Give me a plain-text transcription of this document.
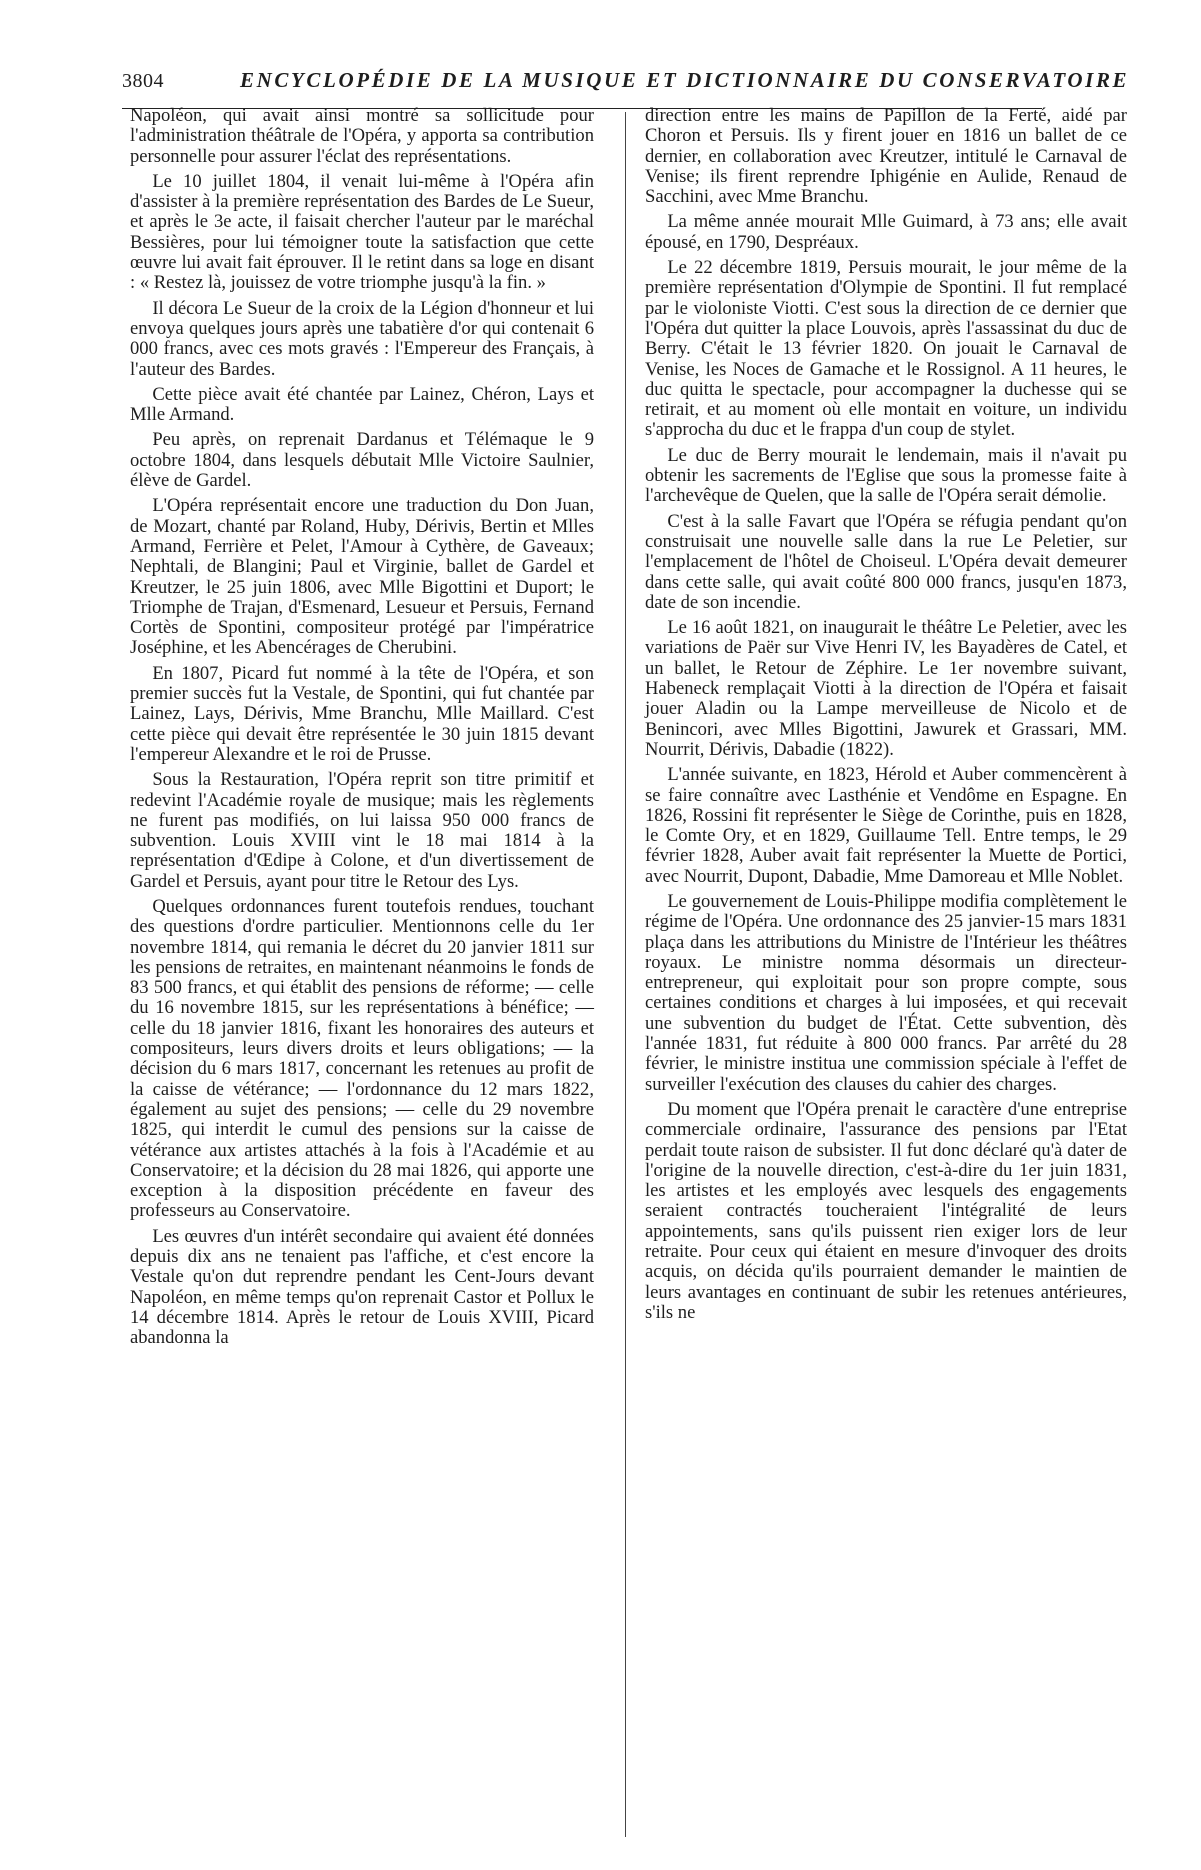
3804	ENCYCLOPÉDIE DE LA MUSIQUE ET DICTIONNAIRE DU CONSERVATOIRE

Napoléon, qui avait ainsi montré sa sollicitude pour l'administration théâtrale de l'Opéra, y apporta sa contribution personnelle pour assurer l'éclat des représentations.

Le 10 juillet 1804, il venait lui-même à l'Opéra afin d'assister à la première représentation des Bardes de Le Sueur, et après le 3e acte, il faisait chercher l'auteur par le maréchal Bessières, pour lui témoigner toute la satisfaction que cette œuvre lui avait fait éprouver. Il le retint dans sa loge en disant : « Restez là, jouissez de votre triomphe jusqu'à la fin. »

Il décora Le Sueur de la croix de la Légion d'honneur et lui envoya quelques jours après une tabatière d'or qui contenait 6 000 francs, avec ces mots gravés : l'Empereur des Français, à l'auteur des Bardes.

Cette pièce avait été chantée par Lainez, Chéron, Lays et Mlle Armand.

Peu après, on reprenait Dardanus et Télémaque le 9 octobre 1804, dans lesquels débutait Mlle Victoire Saulnier, élève de Gardel.

L'Opéra représentait encore une traduction du Don Juan, de Mozart, chanté par Roland, Huby, Dérivis, Bertin et Mlles Armand, Ferrière et Pelet, l'Amour à Cythère, de Gaveaux; Nephtali, de Blangini; Paul et Virginie, ballet de Gardel et Kreutzer, le 25 juin 1806, avec Mlle Bigottini et Duport; le Triomphe de Trajan, d'Esmenard, Lesueur et Persuis, Fernand Cortès de Spontini, compositeur protégé par l'impératrice Joséphine, et les Abencérages de Cherubini.

En 1807, Picard fut nommé à la tête de l'Opéra, et son premier succès fut la Vestale, de Spontini, qui fut chantée par Lainez, Lays, Dérivis, Mme Branchu, Mlle Maillard. C'est cette pièce qui devait être représentée le 30 juin 1815 devant l'empereur Alexandre et le roi de Prusse.

Sous la Restauration, l'Opéra reprit son titre primitif et redevint l'Académie royale de musique; mais les règlements ne furent pas modifiés, on lui laissa 950 000 francs de subvention. Louis XVIII vint le 18 mai 1814 à la représentation d'Œdipe à Colone, et d'un divertissement de Gardel et Persuis, ayant pour titre le Retour des Lys.

Quelques ordonnances furent toutefois rendues, touchant des questions d'ordre particulier. Mentionnons celle du 1er novembre 1814, qui remania le décret du 20 janvier 1811 sur les pensions de retraites, en maintenant néanmoins le fonds de 83 500 francs, et qui établit des pensions de réforme; — celle du 16 novembre 1815, sur les représentations à bénéfice; — celle du 18 janvier 1816, fixant les honoraires des auteurs et compositeurs, leurs divers droits et leurs obligations; — la décision du 6 mars 1817, concernant les retenues au profit de la caisse de vétérance; — l'ordonnance du 12 mars 1822, également au sujet des pensions; — celle du 29 novembre 1825, qui interdit le cumul des pensions sur la caisse de vétérance aux artistes attachés à la fois à l'Académie et au Conservatoire; et la décision du 28 mai 1826, qui apporte une exception à la disposition précédente en faveur des professeurs au Conservatoire.

Les œuvres d'un intérêt secondaire qui avaient été données depuis dix ans ne tenaient pas l'affiche, et c'est encore la Vestale qu'on dut reprendre pendant les Cent-Jours devant Napoléon, en même temps qu'on reprenait Castor et Pollux le 14 décembre 1814. Après le retour de Louis XVIII, Picard abandonna la

direction entre les mains de Papillon de la Ferté, aidé par Choron et Persuis. Ils y firent jouer en 1816 un ballet de ce dernier, en collaboration avec Kreutzer, intitulé le Carnaval de Venise; ils firent reprendre Iphigénie en Aulide, Renaud de Sacchini, avec Mme Branchu.

La même année mourait Mlle Guimard, à 73 ans; elle avait épousé, en 1790, Despréaux.

Le 22 décembre 1819, Persuis mourait, le jour même de la première représentation d'Olympie de Spontini. Il fut remplacé par le violoniste Viotti. C'est sous la direction de ce dernier que l'Opéra dut quitter la place Louvois, après l'assassinat du duc de Berry. C'était le 13 février 1820. On jouait le Carnaval de Venise, les Noces de Gamache et le Rossignol. A 11 heures, le duc quitta le spectacle, pour accompagner la duchesse qui se retirait, et au moment où elle montait en voiture, un individu s'approcha du duc et le frappa d'un coup de stylet.

Le duc de Berry mourait le lendemain, mais il n'avait pu obtenir les sacrements de l'Eglise que sous la promesse faite à l'archevêque de Quelen, que la salle de l'Opéra serait démolie.

C'est à la salle Favart que l'Opéra se réfugia pendant qu'on construisait une nouvelle salle dans la rue Le Peletier, sur l'emplacement de l'hôtel de Choiseul. L'Opéra devait demeurer dans cette salle, qui avait coûté 800 000 francs, jusqu'en 1873, date de son incendie.

Le 16 août 1821, on inaugurait le théâtre Le Peletier, avec les variations de Paër sur Vive Henri IV, les Bayadères de Catel, et un ballet, le Retour de Zéphire. Le 1er novembre suivant, Habeneck remplaçait Viotti à la direction de l'Opéra et faisait jouer Aladin ou la Lampe merveilleuse de Nicolo et de Benincori, avec Mlles Bigottini, Jawurek et Grassari, MM. Nourrit, Dérivis, Dabadie (1822).

L'année suivante, en 1823, Hérold et Auber commencèrent à se faire connaître avec Lasthénie et Vendôme en Espagne. En 1826, Rossini fit représenter le Siège de Corinthe, puis en 1828, le Comte Ory, et en 1829, Guillaume Tell. Entre temps, le 29 février 1828, Auber avait fait représenter la Muette de Portici, avec Nourrit, Dupont, Dabadie, Mme Damoreau et Mlle Noblet.

Le gouvernement de Louis-Philippe modifia complètement le régime de l'Opéra. Une ordonnance des 25 janvier-15 mars 1831 plaça dans les attributions du Ministre de l'Intérieur les théâtres royaux. Le ministre nomma désormais un directeur-entrepreneur, qui exploitait pour son propre compte, sous certaines conditions et charges à lui imposées, et qui recevait une subvention du budget de l'État. Cette subvention, dès l'année 1831, fut réduite à 800 000 francs. Par arrêté du 28 février, le ministre institua une commission spéciale à l'effet de surveiller l'exécution des clauses du cahier des charges.

Du moment que l'Opéra prenait le caractère d'une entreprise commerciale ordinaire, l'assurance des pensions par l'Etat perdait toute raison de subsister. Il fut donc déclaré qu'à dater de l'origine de la nouvelle direction, c'est-à-dire du 1er juin 1831, les artistes et les employés avec lesquels des engagements seraient contractés toucheraient l'intégralité de leurs appointements, sans qu'ils puissent rien exiger lors de leur retraite. Pour ceux qui étaient en mesure d'invoquer des droits acquis, on décida qu'ils pourraient demander le maintien de leurs avantages en continuant de subir les retenues antérieures, s'ils ne
